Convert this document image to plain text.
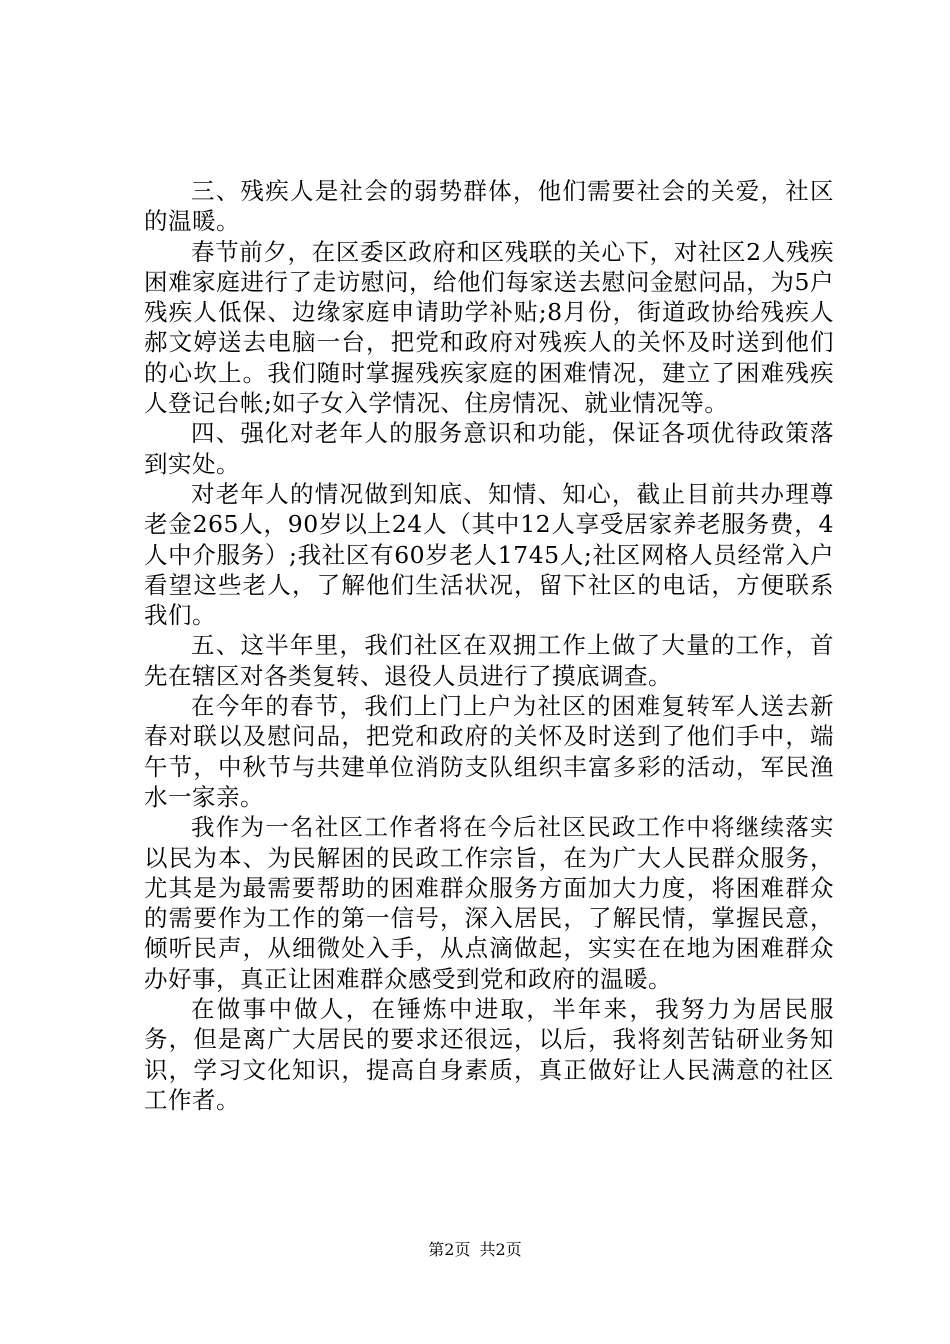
三、残疾人是社会的弱势群体，他们需要社会的关爱，社区的温暖。

春节前夕，在区委区政府和区残联的关心下，对社区2人残疾困难家庭进行了走访慰问，给他们每家送去慰问金慰问品，为5户残疾人低保、边缘家庭申请助学补贴;8月份，街道政协给残疾人郝文婷送去电脑一台，把党和政府对残疾人的关怀及时送到他们的心坎上。我们随时掌握残疾家庭的困难情况，建立了困难残疾人登记台帐;如子女入学情况、住房情况、就业情况等。

四、强化对老年人的服务意识和功能，保证各项优待政策落到实处。

对老年人的情况做到知底、知情、知心，截止目前共办理尊老金265人，90岁以上24人（其中12人享受居家养老服务费，4人中介服务）;我社区有60岁老人1745人;社区网格人员经常入户看望这些老人，了解他们生活状况，留下社区的电话，方便联系我们。

五、这半年里，我们社区在双拥工作上做了大量的工作，首先在辖区对各类复转、退役人员进行了摸底调查。

在今年的春节，我们上门上户为社区的困难复转军人送去新春对联以及慰问品，把党和政府的关怀及时送到了他们手中，端午节，中秋节与共建单位消防支队组织丰富多彩的活动，军民渔水一家亲。

我作为一名社区工作者将在今后社区民政工作中将继续落实以民为本、为民解困的民政工作宗旨，在为广大人民群众服务，尤其是为最需要帮助的困难群众服务方面加大力度，将困难群众的需要作为工作的第一信号，深入居民，了解民情，掌握民意，倾听民声，从细微处入手，从点滴做起，实实在在地为困难群众办好事，真正让困难群众感受到党和政府的温暖。

在做事中做人，在锤炼中进取，半年来，我努力为居民服务，但是离广大居民的要求还很远，以后，我将刻苦钻研业务知识，学习文化知识，提高自身素质，真正做好让人民满意的社区工作者。

第2页 共2页
